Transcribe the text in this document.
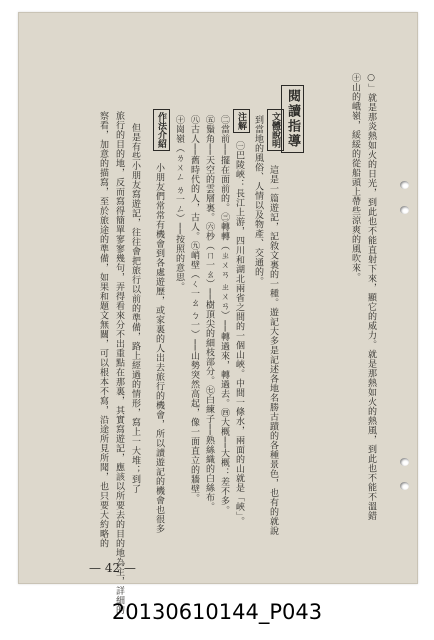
○」就是那炎熱如火的日光，到此也不能直射下來，顯它的威力。就是那熱如火的熱風，到此也不能不溫錯
㊉山的峨嶺，綏綏的從船頭上帶些涼爽的風吹來。
閱讀指導
文體說明
這是一篇遊記，記敘文裏的一種。遊記大多是記述各地名勝古蹟的各種景色，也有的就說
到當地的風俗、人情以及物產、交通的。
注解
㊀巴陵峽：長江上游，四川和湖北兩省之間的一個山峽。中間一條水，兩面的山就是「峽」。
㊁當前──擺在面前的。㊂轉轉（ㄓㄨㄢ ㄓㄨㄢ）──轉過來，轉過去。㊃大概──大概：差不多。
㊄鬚角──天空的雲層裏。㊅杪（ㄇ一ㄠ）──樹頂尖的細枝部分。㊆白練子──熟絲織的白絲布。
㊇古人──舊時代的人，古人。㊈峭壁（ㄑ一ㄠ ㄅ一）──山勢突然高起，像一面直立的牆壁。
㊉崗嶺（ㄌㄨㄥ ㄌ一ㄥ）──按照的意思。
作法介紹
小朋友們常常有機會到各處遊歷，或家裏的人出去旅行的機會，所以讀遊記的機會也很多
但是有些小朋友寫遊記，往往會把旅行以前的準備，路上經過的情形，寫上一大堆；到了
旅行的目的地，反而寫得簡單寥寥幾句，弄得看來分不出重點在那裏，其實寫遊記，應該以所要去的目的地為主，詳細的
察看，加意的描寫，至於旅途的準備，如果和題文無關，可以根本不寫，沿途所見所聞，也只要大約略的
— 42 —
20130610144_P043
